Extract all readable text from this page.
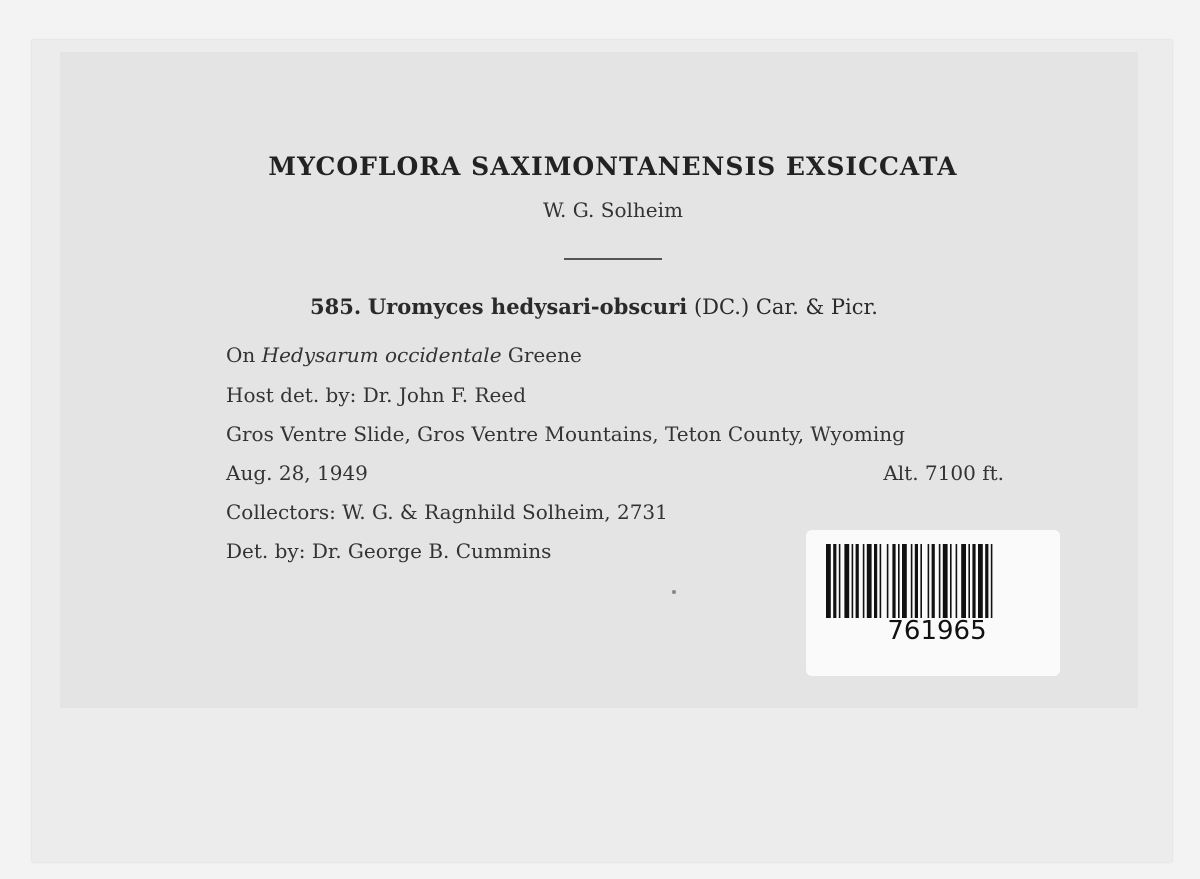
MYCOFLORA SAXIMONTANENSIS EXSICCATA
W. G. Solheim
585. Uromyces hedysari-obscuri (DC.) Car. & Picr.
On Hedysarum occidentale Greene
Host det. by: Dr. John F. Reed
Gros Ventre Slide, Gros Ventre Mountains, Teton County, Wyoming
Aug. 28, 1949	Alt. 7100 ft.
Collectors: W. G. & Ragnhild Solheim, 2731
Det. by: Dr. George B. Cummins
761965
